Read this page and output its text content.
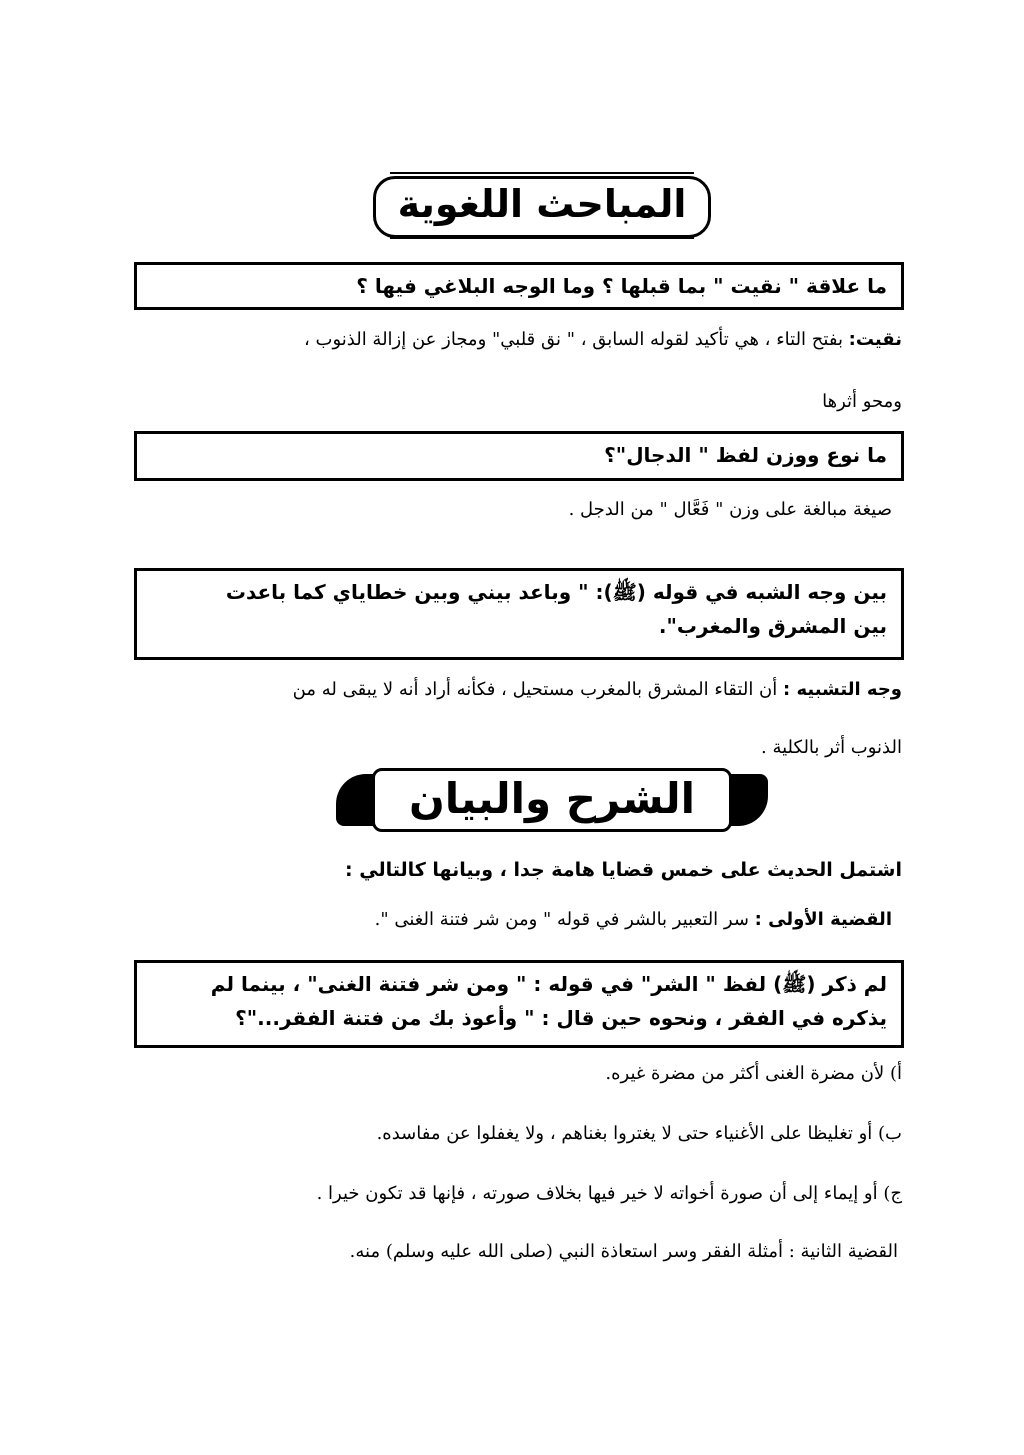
المباحث اللغوية
ما علاقة " نقيت " بما قبلها ؟ وما الوجه البلاغي فيها ؟
نقيت: بفتح التاء ، هي تأكيد لقوله السابق ، " نق قلبي" ومجاز عن إزالة الذنوب ،
ومحو أثرها
ما نوع ووزن لفظ " الدجال"؟
صيغة مبالغة على وزن " فَعَّال " من الدجل .
بين وجه الشبه في قوله (ﷺ): " وباعد بيني وبين خطاياي كما باعدت
بين المشرق والمغرب".
وجه التشبيه : أن التقاء المشرق بالمغرب مستحيل ، فكأنه أراد أنه لا يبقى له من
الذنوب أثر بالكلية .
الشرح والبيان
اشتمل الحديث على خمس قضايا هامة جدا ، وبيانها كالتالي :
القضية الأولى : سر التعبير بالشر في قوله " ومن شر فتنة الغنى ".
لم ذكر (ﷺ) لفظ " الشر" في قوله : " ومن شر فتنة الغنى" ، بينما لم
يذكره في الفقر ، ونحوه حين قال : " وأعوذ بك من فتنة الفقر..."؟
أ) لأن مضرة الغنى أكثر من مضرة غيره.
ب) أو تغليظا على الأغنياء حتى لا يغتروا بغناهم ، ولا يغفلوا عن مفاسده.
ج) أو إيماء إلى أن صورة أخواته لا خير فيها بخلاف صورته ، فإنها قد تكون خيرا .
القضية الثانية : أمثلة الفقر وسر استعاذة النبي (صلى الله عليه وسلم) منه.
